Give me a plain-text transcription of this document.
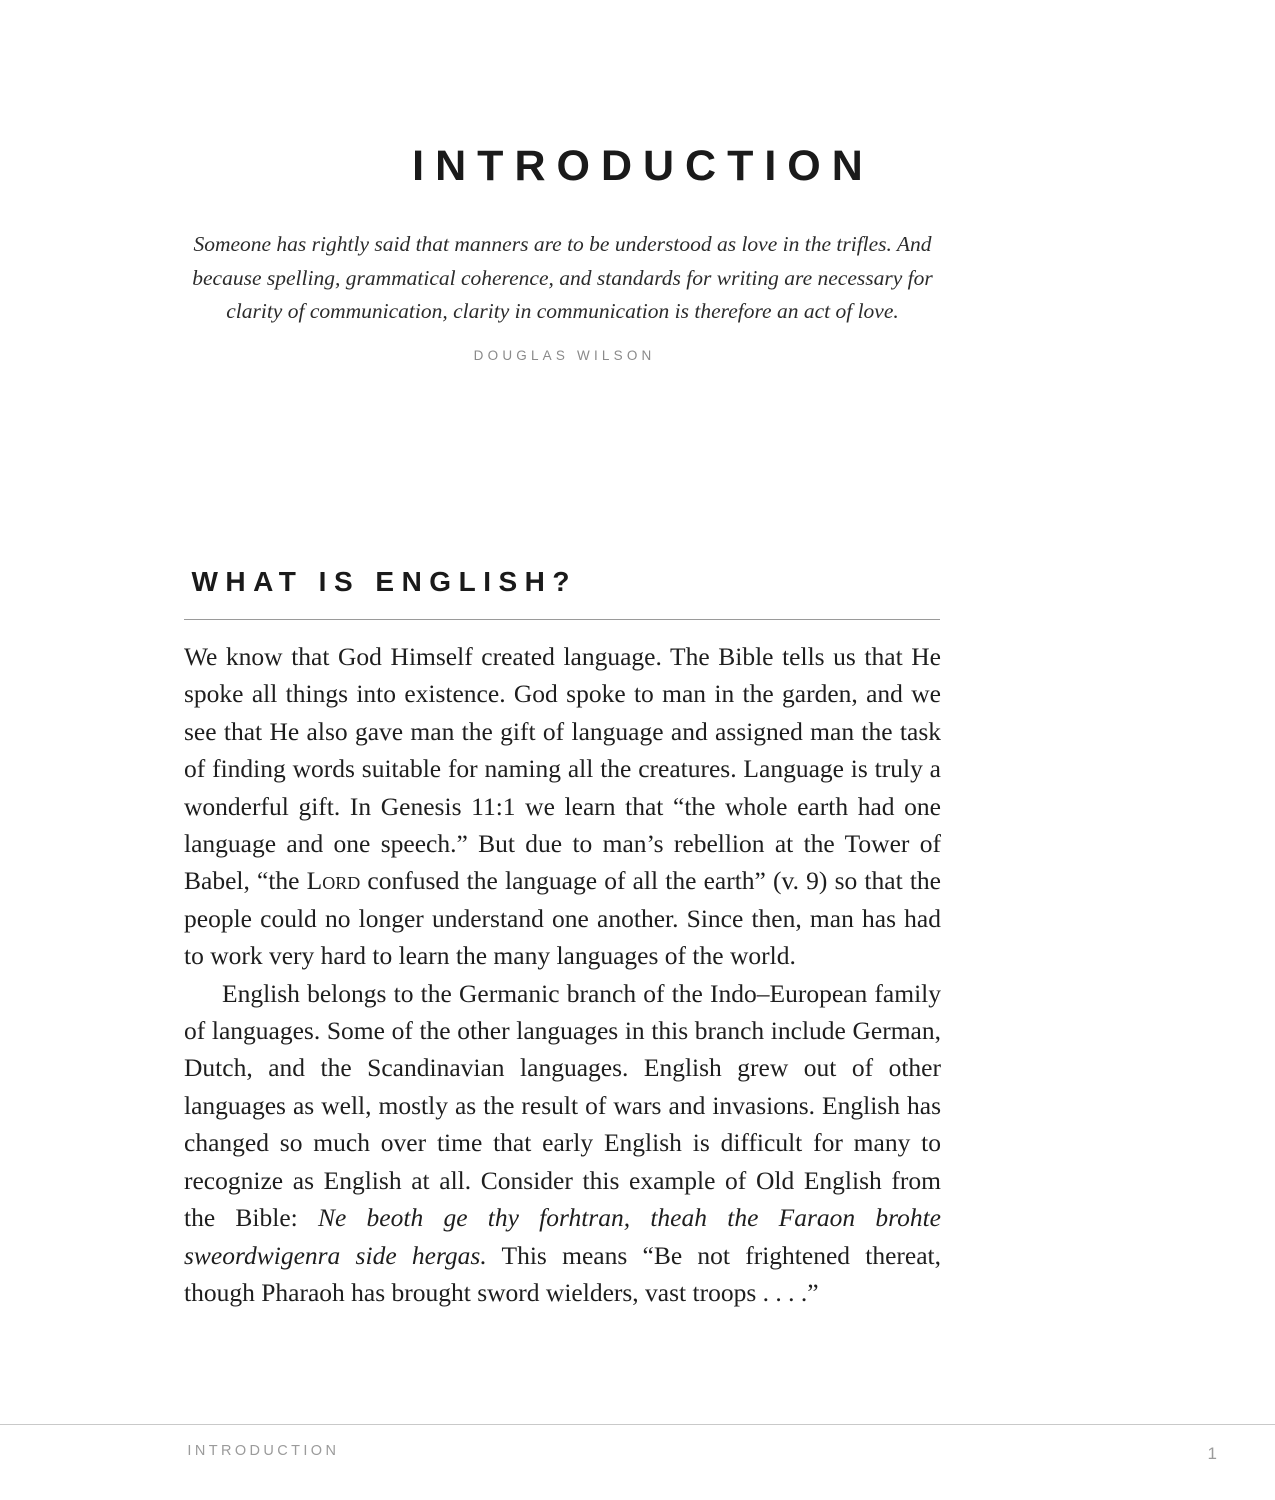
INTRODUCTION

Someone has rightly said that manners are to be understood as love in the trifles. And because spelling, grammatical coherence, and standards for writing are necessary for clarity of communication, clarity in communication is therefore an act of love.

DOUGLAS WILSON
WHAT IS ENGLISH?

We know that God Himself created language. The Bible tells us that He spoke all things into existence. God spoke to man in the garden, and we see that He also gave man the gift of language and assigned man the task of finding words suitable for naming all the creatures. Language is truly a wonderful gift. In Genesis 11:1 we learn that “the whole earth had one language and one speech.” But due to man’s rebellion at the Tower of Babel, “the Lord confused the language of all the earth” (v. 9) so that the people could no longer understand one another. Since then, man has had to work very hard to learn the many languages of the world.

English belongs to the Germanic branch of the Indo–European family of languages. Some of the other languages in this branch include German, Dutch, and the Scandinavian languages. English grew out of other languages as well, mostly as the result of wars and invasions. English has changed so much over time that early English is difficult for many to recognize as English at all. Consider this example of Old English from the Bible: Ne beoth ge thy forhtran, theah the Faraon brohte sweordwigenra side hergas. This means “Be not frightened thereat, though Pharaoh has brought sword wielders, vast troops . . . .”

INTRODUCTION	1
